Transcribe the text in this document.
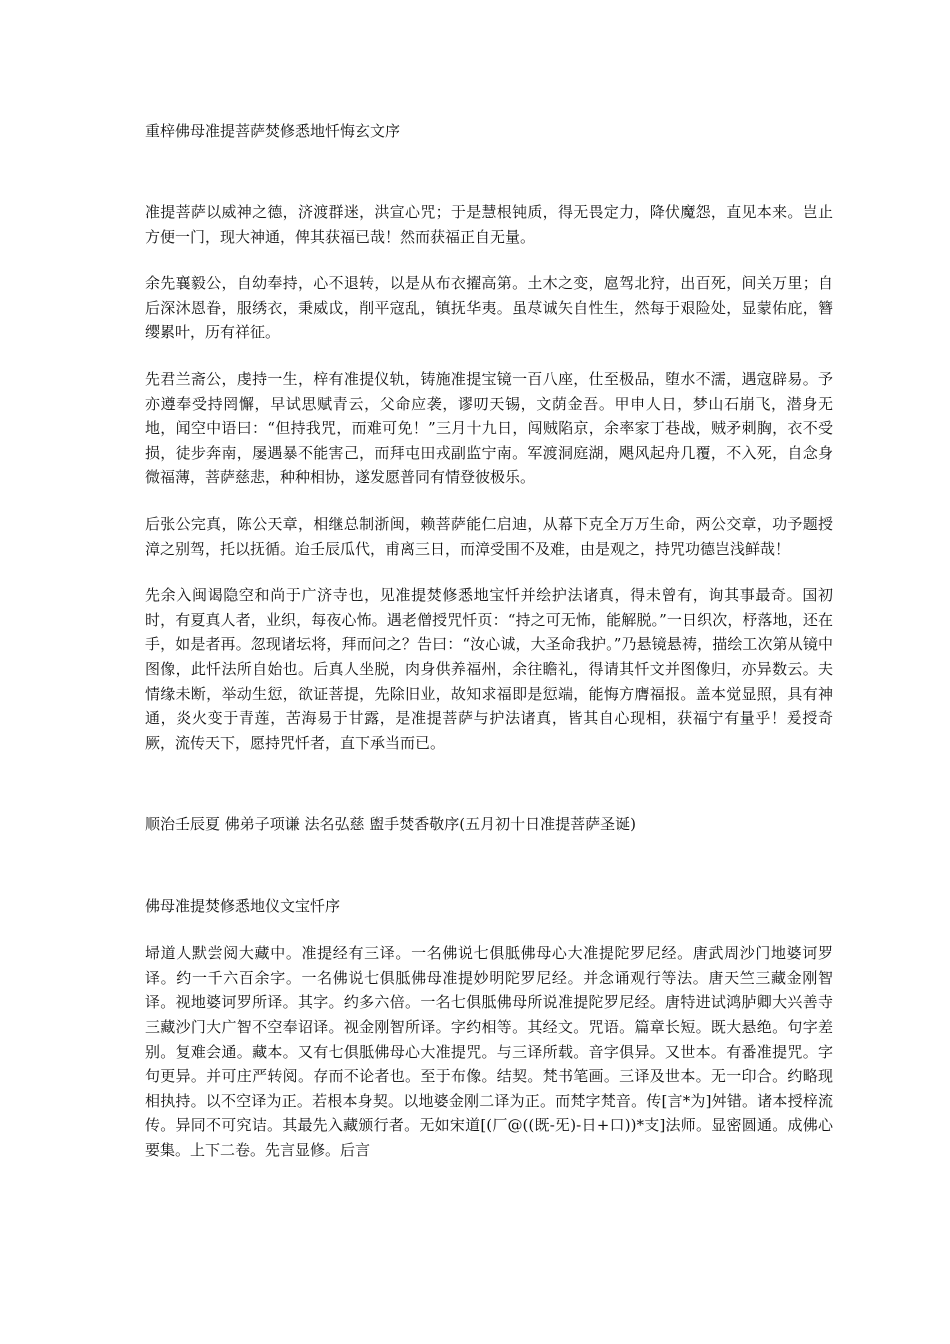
重梓佛母准提菩萨焚修悉地忏悔玄文序

准提菩萨以威神之德，济渡群迷，洪宣心咒；于是慧根钝质，得无畏定力，降伏魔怨，直见本来。岂止方便一门，现大神通，俾其获福已哉！然而获福正自无量。

余先襄毅公，自幼奉持，心不退转，以是从布衣擢高第。土木之变，扈驾北狩，出百死，间关万里；自后深沐恩眷，服绣衣，秉威戉，削平寇乱，镇抚华夷。虽荩诚矢自性生，然每于艰险处，显蒙佑庇，簪缨累叶，历有祥征。

先君兰斋公，虔持一生，梓有准提仪轨，铸施准提宝镜一百八座，仕至极品，堕水不濡，遇寇辟易。予亦遵奉受持罔懈，早试思赋青云，父命应袭，谬叨天锡，文荫金吾。甲申人日，梦山石崩飞，潜身无地，闻空中语曰：“但持我咒，而难可免！”三月十九日，闯贼陷京，余率家丁巷战，贼矛刺胸，衣不受损，徒步奔南，屡遇暴不能害己，而拜屯田戎副监宁南。军渡洞庭湖，飓风起舟几覆，不入死，自念身微福薄，菩萨慈悲，种种相协，遂发愿普同有情登彼极乐。

后张公完真，陈公天章，相继总制浙闽，赖菩萨能仁启迪，从幕下克全万万生命，两公交章，功予题授漳之别驾，托以抚循。迨壬辰瓜代，甫离三日，而漳受围不及难，由是观之，持咒功德岂浅鲜哉！

先余入闽谒隐空和尚于广济寺也，见准提焚修悉地宝忏并绘护法诸真，得未曾有，询其事最奇。国初时，有夏真人者，业织，每夜心怖。遇老僧授咒忏页：“持之可无怖，能解脱。”一日织次，杼落地，还在手，如是者再。忽现诸坛将，拜而问之？告曰：“汝心诚，大圣命我护。”乃悬镜悬祷，描绘工次第从镜中图像，此忏法所自始也。后真人坐脱，肉身供养福州，余往瞻礼，得请其忏文并图像归，亦异数云。夫情缘未断，举动生愆，欲证菩提，先除旧业，故知求福即是愆端，能悔方膺福报。盖本觉显照，具有神通，炎火变于青莲，苦海易于甘露，是准提菩萨与护法诸真，皆其自心现相，获福宁有量乎！爰授奇厥，流传天下，愿持咒忏者，直下承当而已。

顺治壬辰夏 佛弟子项谦 法名弘慈 盥手焚香敬序(五月初十日准提菩萨圣诞)

佛母准提焚修悉地仪文宝忏序

埽道人默尝阅大藏中。准提经有三译。一名佛说七俱胝佛母心大准提陀罗尼经。唐武周沙门地婆诃罗译。约一千六百余字。一名佛说七俱胝佛母准提妙明陀罗尼经。并念诵观行等法。唐天竺三藏金刚智译。视地婆诃罗所译。其字。约多六倍。一名七俱胝佛母所说准提陀罗尼经。唐特进试鸿胪卿大兴善寺三藏沙门大广智不空奉诏译。视金刚智所译。字约相等。其经文。咒语。篇章长短。既大悬绝。句字差别。复难会通。藏本。又有七俱胝佛母心大准提咒。与三译所载。音字俱异。又世本。有番准提咒。字句更异。并可庄严转阅。存而不论者也。至于布像。结契。梵书笔画。三译及世本。无一印合。约略现相执持。以不空译为正。若根本身契。以地婆金刚二译为正。而梵字梵音。传[言*为]舛错。诸本授梓流传。异同不可究诘。其最先入藏颁行者。无如宋道[(厂@((既-旡)-日+口))*支]法师。显密圆通。成佛心要集。上下二卷。先言显修。后言
